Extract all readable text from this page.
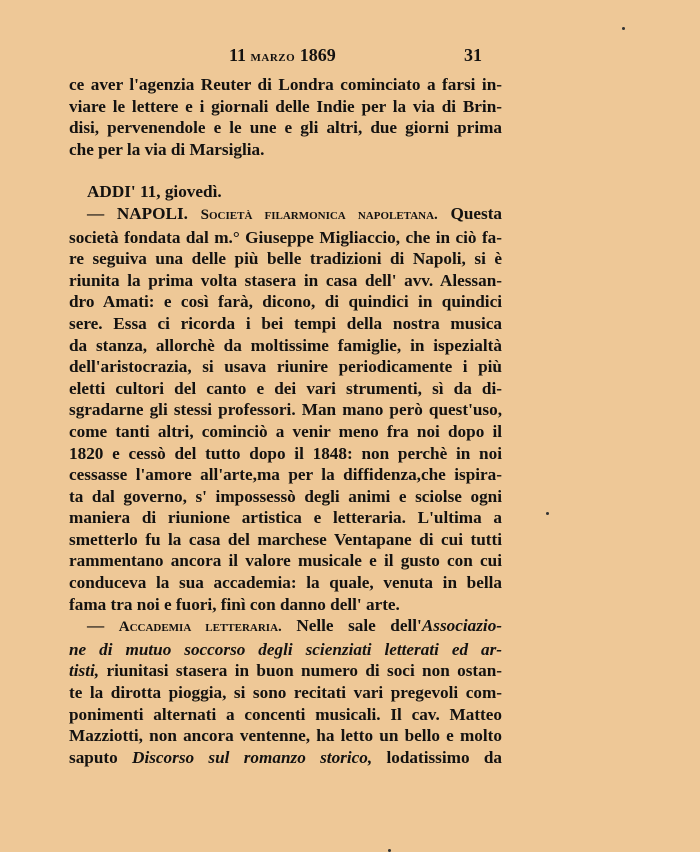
11 marzo 1869	31
ce aver l'agenzia Reuter di Londra cominciato a farsi in-
viare le lettere e i giornali delle Indie per la via di Brin-
disi, pervenendole e le une e gli altri, due giorni prima
che per la via di Marsiglia.
ADDI' 11, giovedì.
— NAPOLI. Società filarmonica napoletana. Questa
società fondata dal m.° Giuseppe Migliaccio, che in ciò fa-
re seguiva una delle più belle tradizioni di Napoli, si è
riunita la prima volta stasera in casa dell' avv. Alessan-
dro Amati: e così farà, dicono, di quindici in quindici
sere. Essa ci ricorda i bei tempi della nostra musica
da stanza, allorchè da moltissime famiglie, in ispezialtà
dell'aristocrazia, si usava riunire periodicamente i più
eletti cultori del canto e dei vari strumenti, sì da di-
sgradarne gli stessi professori. Man mano però quest'uso,
come tanti altri, cominciò a venir meno fra noi dopo il
1820 e cessò del tutto dopo il 1848: non perchè in noi
cessasse l'amore all'arte,ma per la diffidenza,che ispira-
ta dal governo, s' impossessò degli animi e sciolse ogni
maniera di riunione artistica e letteraria. L'ultima a
smetterlo fu la casa del marchese Ventapane di cui tutti
rammentano ancora il valore musicale e il gusto con cui
conduceva la sua accademia: la quale, venuta in bella
fama tra noi e fuori, finì con danno dell' arte.
— Accademia letteraria. Nelle sale dell'Associazio-
ne di mutuo soccorso degli scienziati letterati ed ar-
tisti, riunitasi stasera in buon numero di soci non ostan-
te la dirotta pioggia, si sono recitati vari pregevoli com-
ponimenti alternati a concenti musicali. Il cav. Matteo
Mazziotti, non ancora ventenne, ha letto un bello e molto
saputo Discorso sul romanzo storico, lodatissimo da
